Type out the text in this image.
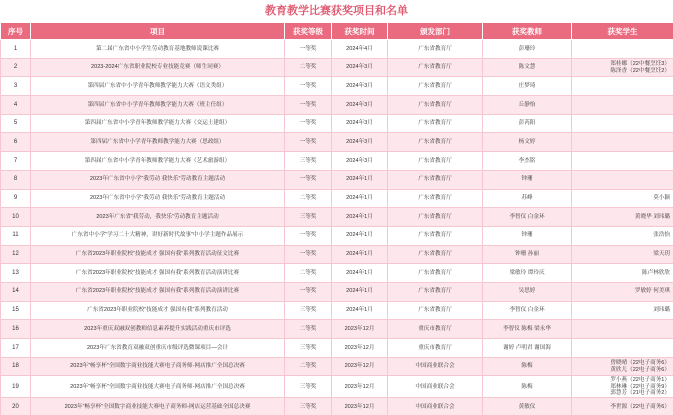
教育教学比赛获奖项目和名单
序号	项目	获奖等级	获奖时间	颁发部门	获奖教师	获奖学生
1	第二届广东省中小学生劳动教育基地教师说课比赛	一等奖	2024年4月	广东省教育厅	彭珊玲	
2	2023-2024广东省职业院校专业技能竞赛（师生同赛）	二等奖	2024年3月	广东省教育厅	陈文慧	郑桂娜（22中餐烹饪3）
陈泽香（22中餐烹饪2）

3	第四届广东省中小学青年教师教学能力大赛（语文类组）	一等奖	2024年3月	广东省教育厅	庄梦琦	
4	第四届广东省中小学青年教师教学能力大赛（班主任组）	一等奖	2024年3月	广东省教育厅	丘静怡	
5	第四届广东省中小学青年教师教学能力大赛（交运土建组）	一等奖	2024年3月	广东省教育厅	彭芮阳	
6	第四届广东省中小学青年教师教学能力大赛（思政组）	一等奖	2024年3月	广东省教育厅	杨文婷	
7	第四届广东省中小学青年教师教学能力大赛（艺术旅游组）	三等奖	2024年3月	广东省教育厅	李杰铭	
8	2023年广东省中小学“我劳动 我快乐”劳动教育主题活动	一等奖	2024年1月	广东省教育厅	钟珊	
9	2023年广东省中小学“我劳动 我快乐”劳动教育主题活动	二等奖	2024年1月	广东省教育厅	苏峰	莫小颖

10	2023年广东省“我劳动，我快乐”劳动教育主题活动	三等奖	2024年1月	广东省教育厅	李智仪 白金环	黄晓华 刘玮璐

11	广东省中小学“学习二十大精神，讲好新时代故事”中小学主题作品展示	一等奖	2024年1月	广东省教育厅	钟珊	张浩怡

12	广东省2023年职业院校“技能成才 强国有我”系列教育活动征文比赛	一等奖	2024年1月	广东省教育厅	钟珊 孙丽	梁天玥

13	广东省2023年职业院校“技能成才 强国有我”系列教育活动演讲比赛	二等奖	2024年1月	广东省教育厅	梁敏玲 谭玲庆	陈卢林欣欣

14	广东省2023年职业院校“技能成才 强国有我”系列教育活动演讲比赛	一等奖	2024年1月	广东省教育厅	吴思婷	罗敏婷 何美琪

15	广东省2023年职业院校“技能成才 强国有我”系列教育活动	三等奖	2024年1月	广东省教育厅	李智仪 白金环	刘玮璐

16	2023年重庆双融双创教师信息素养提升实践活动重庆市评选	二等奖	2023年12月	重庆市教育厅	李智仪 陈梅 梁永华	
17	2023年广东省教育双融双创重庆市级评选微课项目—会计	三等奖	2023年12月	重庆市教育厅	谢婷 卢明君 谢国海	
18	2023年“畅享杯”全国数字商业技能大赛电子商务师-网店推广全国总决赛	二等奖	2023年12月	中国商业联合会	陈梅	曾晓晴（22电子商务6）
黄欣儿（22电子商务6）

19	2023年“畅享杯”全国数字商业技能大赛电子商务师-网店推广全国总决赛	三等奖	2023年12月	中国商业联合会	陈梅	罗小燕（22电子商务1）
郑林琳（22电子商务9）
郭慧芳（21电子商务2）

20	2023年“畅享杯”全国数字商业技能大赛电子商务师-网店运营基础全国总决赛	三等奖	2023年12月	中国商业联合会	黄敏仪	李世源（22电子商务6）
